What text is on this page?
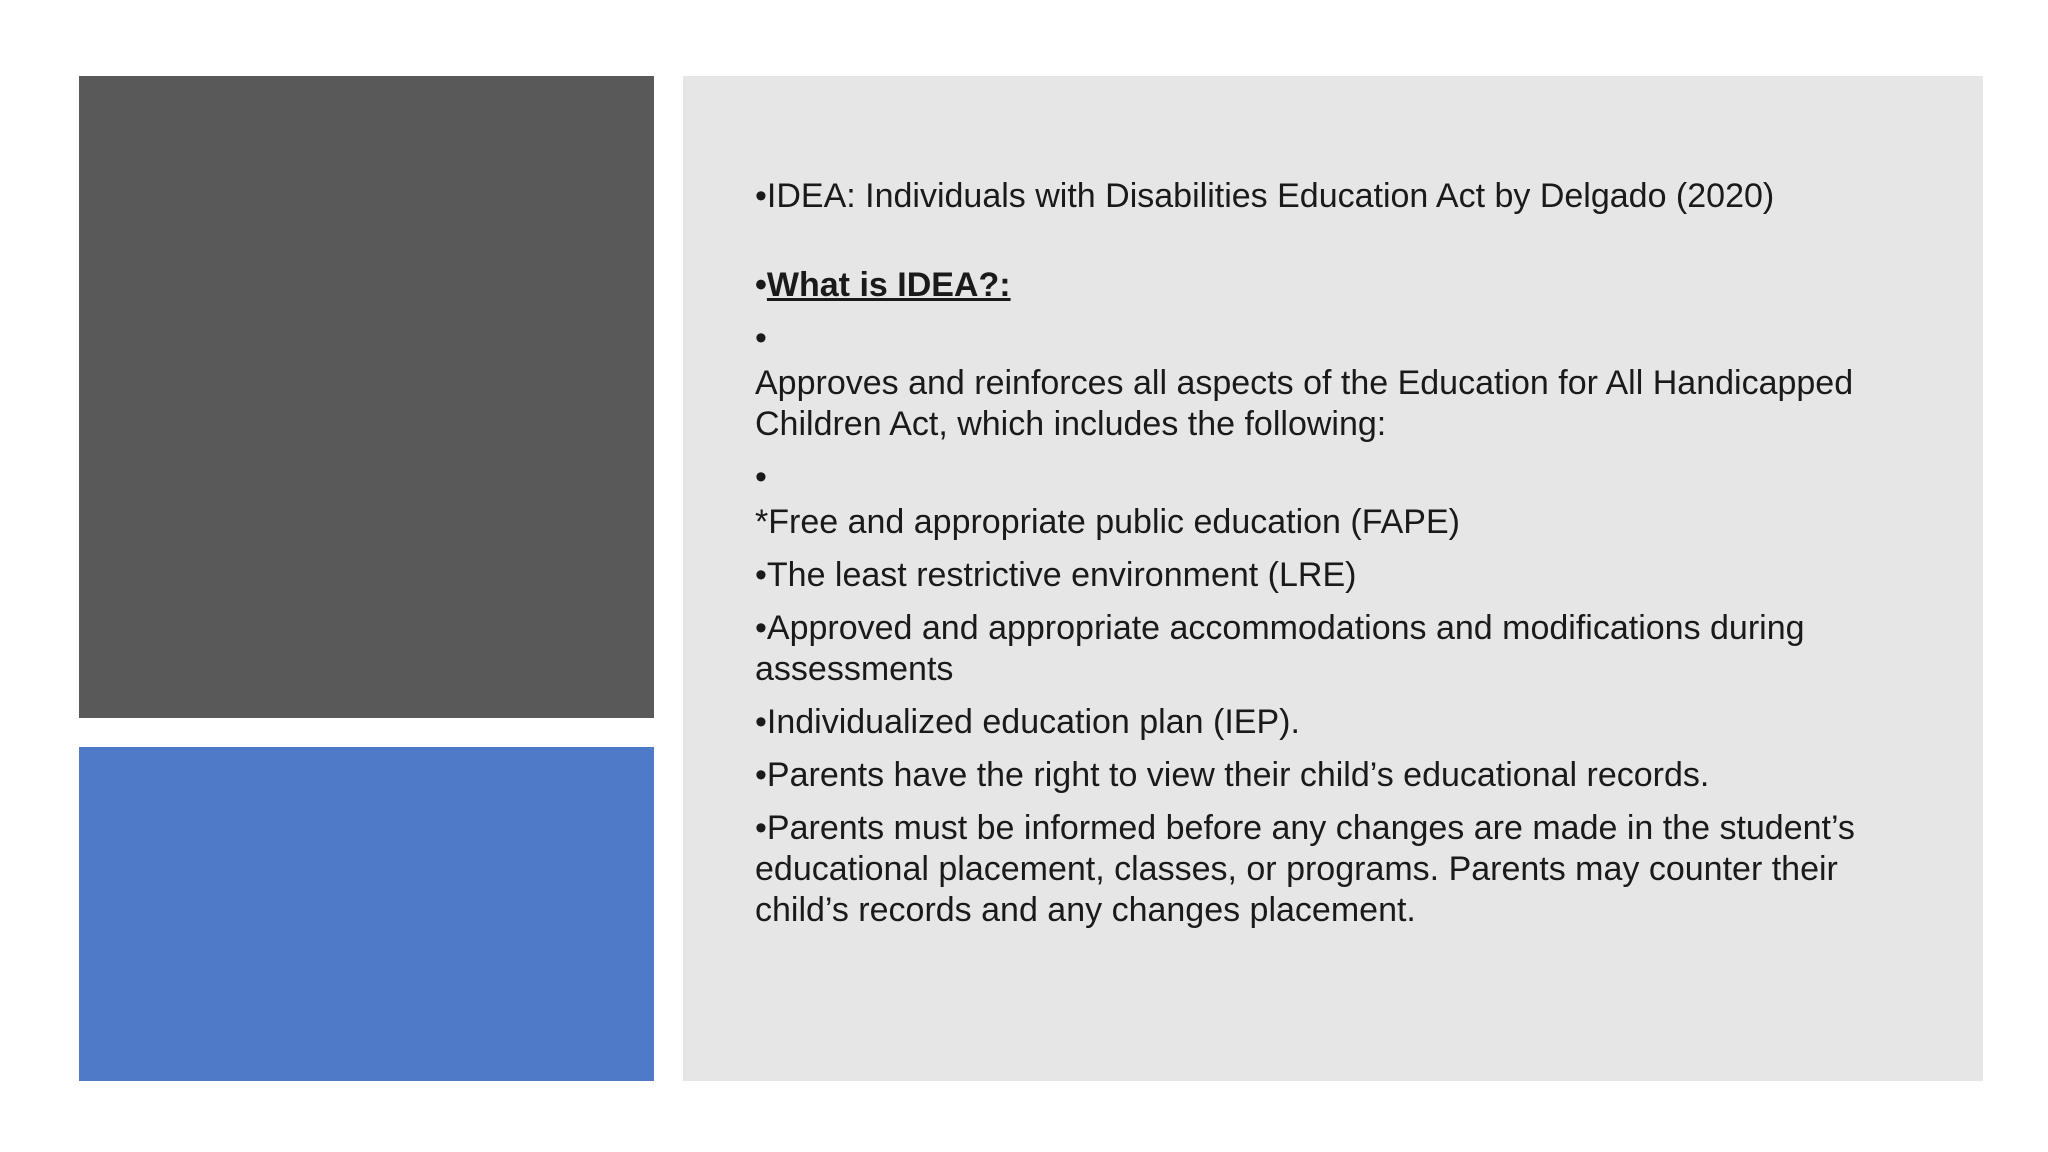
•IDEA: Individuals with Disabilities Education Act by Delgado (2020)

•What is IDEA?:

•

Approves and reinforces all aspects of the Education for All Handicapped Children Act, which includes the following:

•

*Free and appropriate public education (FAPE)

•The least restrictive environment (LRE)

•Approved and appropriate accommodations and modifications during assessments

•Individualized education plan (IEP).

•Parents have the right to view their child’s educational records.

•Parents must be informed before any changes are made in the student’s educational placement, classes, or programs. Parents may counter their child’s records and any changes placement.
